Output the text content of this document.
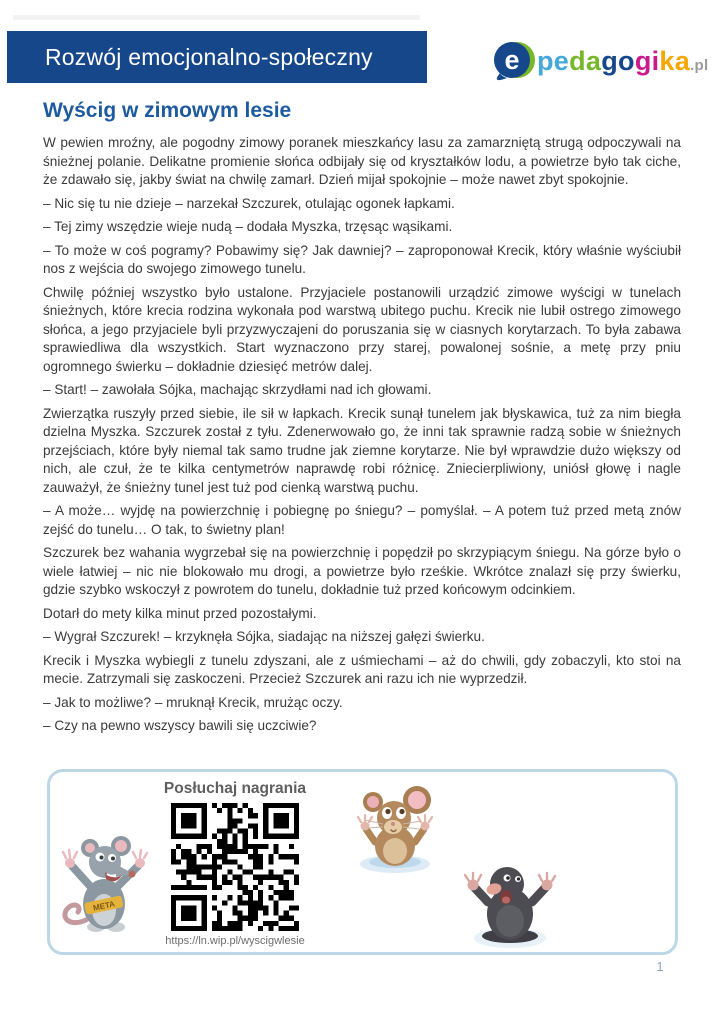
Rozwój emocjonalno-społeczny	e pedagogika.pl
Wyścig w zimowym lesie

W pewien mroźny, ale pogodny zimowy poranek mieszkańcy lasu za zamarzniętą strugą odpoczywali na śnieżnej polanie. Delikatne promienie słońca odbijały się od kryształków lodu, a powietrze było tak ciche, że zdawało się, jakby świat na chwilę zamarł. Dzień mijał spokojnie – może nawet zbyt spokojnie.

– Nic się tu nie dzieje – narzekał Szczurek, otulając ogonek łapkami.

– Tej zimy wszędzie wieje nudą – dodała Myszka, trzęsąc wąsikami.

– To może w coś pogramy? Pobawimy się? Jak dawniej? – zaproponował Krecik, który właśnie wyściubił nos z wejścia do swojego zimowego tunelu.

Chwilę później wszystko było ustalone. Przyjaciele postanowili urządzić zimowe wyścigi w tunelach śnieżnych, które krecia rodzina wykonała pod warstwą ubitego puchu. Krecik nie lubił ostrego zimowego słońca, a jego przyjaciele byli przyzwyczajeni do poruszania się w ciasnych korytarzach. To była zabawa sprawiedliwa dla wszystkich. Start wyznaczono przy starej, powalonej sośnie, a metę przy pniu ogromnego świerku – dokładnie dziesięć metrów dalej.

– Start! – zawołała Sójka, machając skrzydłami nad ich głowami.

Zwierzątka ruszyły przed siebie, ile sił w łapkach. Krecik sunął tunelem jak błyskawica, tuż za nim biegła dzielna Myszka. Szczurek został z tyłu. Zdenerwowało go, że inni tak sprawnie radzą sobie w śnieżnych przejściach, które były niemal tak samo trudne jak ziemne korytarze. Nie był wprawdzie dużo większy od nich, ale czuł, że te kilka centymetrów naprawdę robi różnicę. Zniecierpliwiony, uniósł głowę i nagle zauważył, że śnieżny tunel jest tuż pod cienką warstwą puchu.

– A może… wyjdę na powierzchnię i pobiegnę po śniegu? – pomyślał. – A potem tuż przed metą znów zejść do tunelu… O tak, to świetny plan!

Szczurek bez wahania wygrzebał się na powierzchnię i popędził po skrzypiącym śniegu. Na górze było o wiele łatwiej – nic nie blokowało mu drogi, a powietrze było rześkie. Wkrótce znalazł się przy świerku, gdzie szybko wskoczył z powrotem do tunelu, dokładnie tuż przed końcowym odcinkiem.

Dotarł do mety kilka minut przed pozostałymi.

– Wygrał Szczurek! – krzyknęła Sójka, siadając na niższej gałęzi świerku.

Krecik i Myszka wybiegli z tunelu zdyszani, ale z uśmiechami – aż do chwili, gdy zobaczyli, kto stoi na mecie. Zatrzymali się zaskoczeni. Przecież Szczurek ani razu ich nie wyprzedził.

– Jak to możliwe? – mruknął Krecik, mrużąc oczy.

– Czy na pewno wszyscy bawili się uczciwie?

META
Posłuchaj nagrania
https://ln.wip.pl/wyscigwlesie
1
